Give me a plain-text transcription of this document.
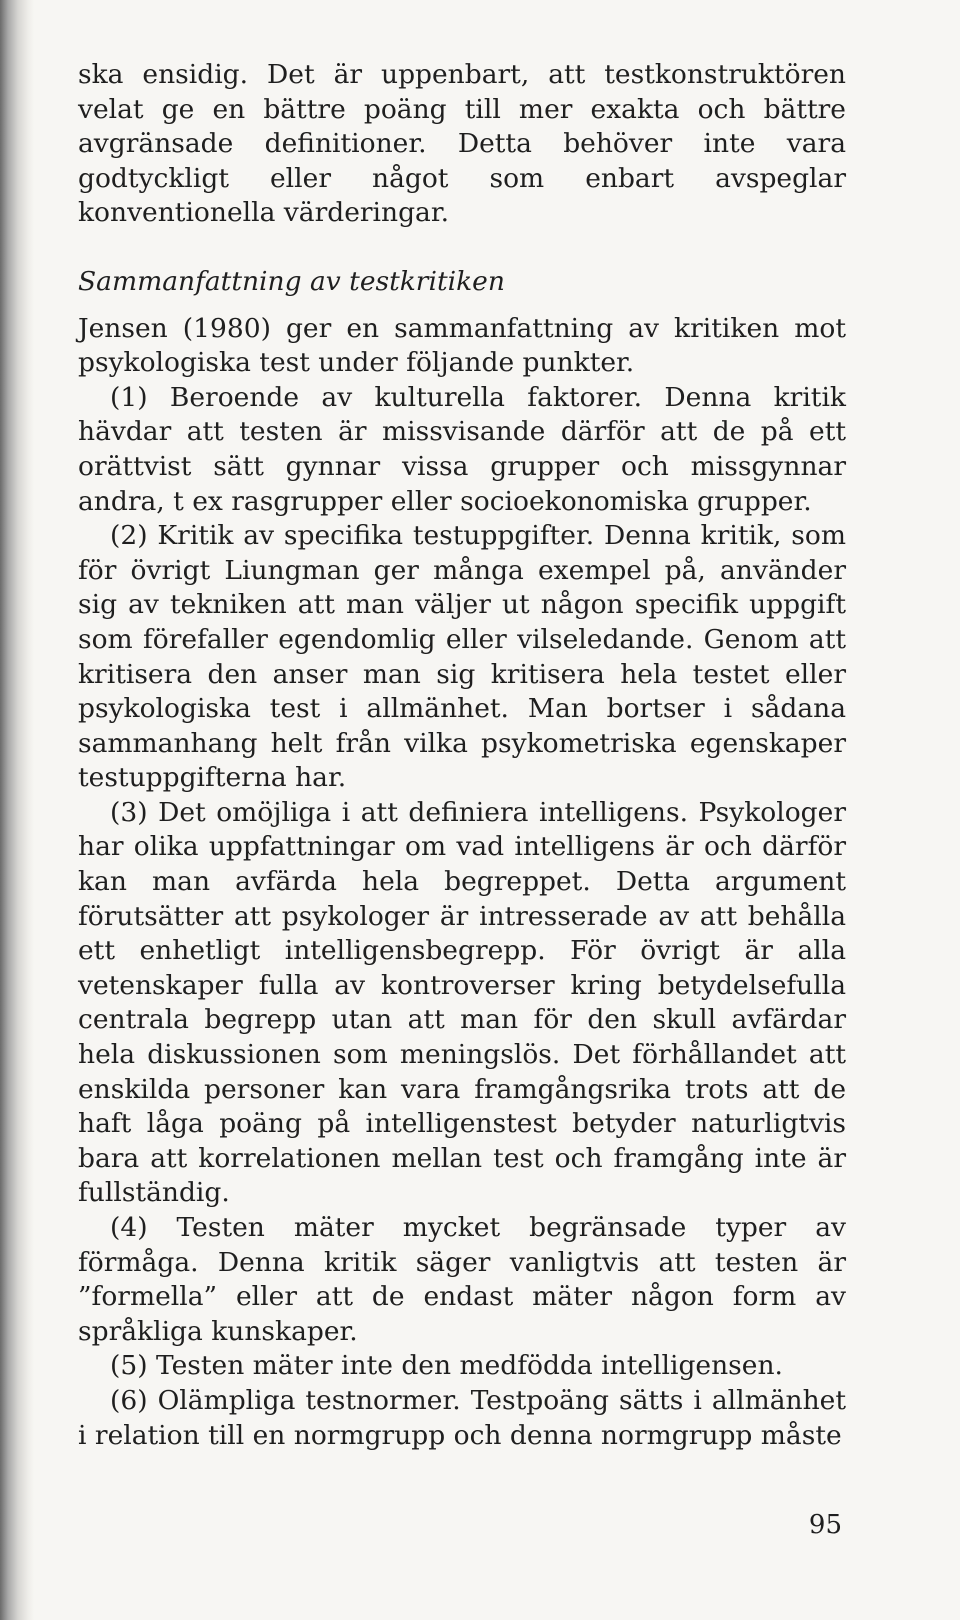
ska ensidig. Det är uppenbart, att testkonstruktören velat ge en bättre poäng till mer exakta och bättre avgränsade definitioner. Detta behöver inte vara godtyckligt eller något som enbart avspeglar konventionella värderingar.

Sammanfattning av testkritiken

Jensen (1980) ger en sammanfattning av kritiken mot psykologiska test under följande punkter.

(1) Beroende av kulturella faktorer. Denna kritik hävdar att testen är missvisande därför att de på ett orättvist sätt gynnar vissa grupper och missgynnar andra, t ex rasgrupper eller socioekonomiska grupper.

(2) Kritik av specifika testuppgifter. Denna kritik, som för övrigt Liungman ger många exempel på, använder sig av tekniken att man väljer ut någon specifik uppgift som förefaller egendomlig eller vilseledande. Genom att kritisera den anser man sig kritisera hela testet eller psykologiska test i allmänhet. Man bortser i sådana sammanhang helt från vilka psykometriska egenskaper testuppgifterna har.

(3) Det omöjliga i att definiera intelligens. Psykologer har olika uppfattningar om vad intelligens är och därför kan man avfärda hela begreppet. Detta argument förutsätter att psykologer är intresserade av att behålla ett enhetligt intelligensbegrepp. För övrigt är alla vetenskaper fulla av kontroverser kring betydelsefulla centrala begrepp utan att man för den skull avfärdar hela diskussionen som meningslös. Det förhållandet att enskilda personer kan vara framgångsrika trots att de haft låga poäng på intelligenstest betyder naturligtvis bara att korrelationen mellan test och framgång inte är fullständig.

(4) Testen mäter mycket begränsade typer av förmåga. Denna kritik säger vanligtvis att testen är ”formella” eller att de endast mäter någon form av språkliga kunskaper.

(5) Testen mäter inte den medfödda intelligensen.

(6) Olämpliga testnormer. Testpoäng sätts i allmänhet i relation till en normgrupp och denna normgrupp måste

95
